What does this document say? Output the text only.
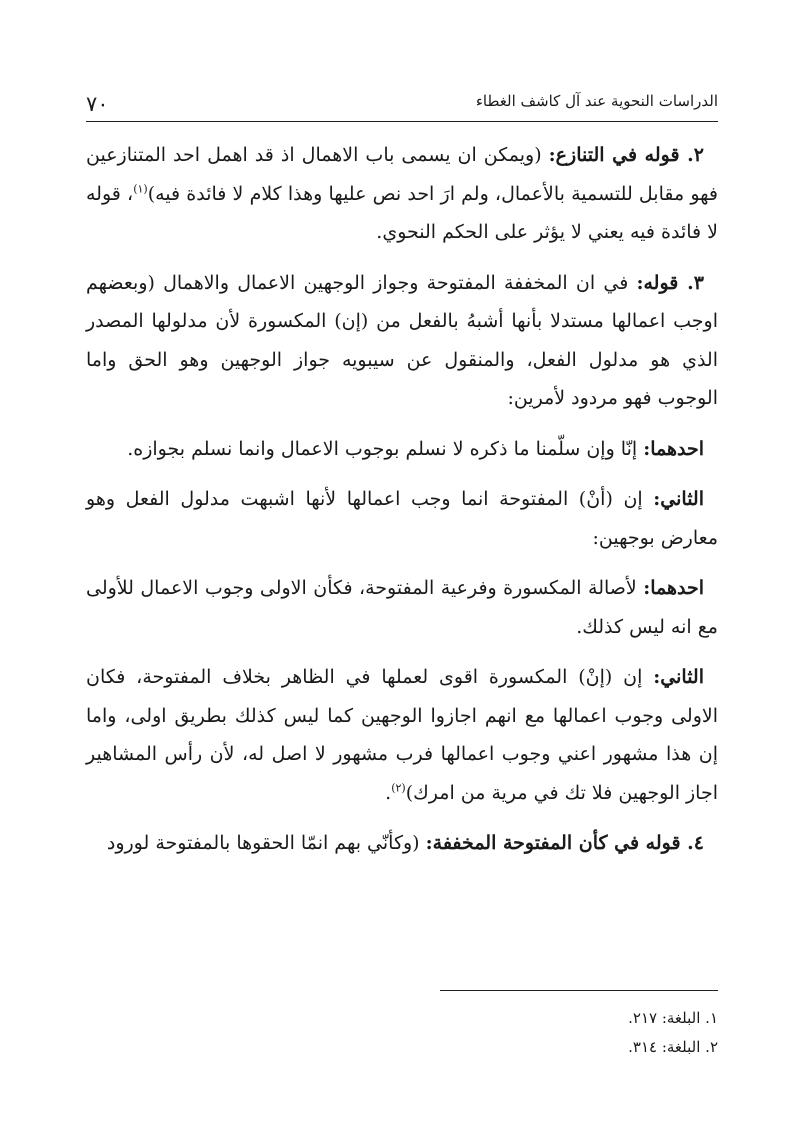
٧٠	الدراسات النحوية عند آل كاشف الغطاء

٢. قوله في التنازع: (ويمكن ان يسمى باب الاهمال اذ قد اهمل احد المتنازعين فهو مقابل للتسمية بالأعمال، ولم ارَ احد نص عليها وهذا كلام لا فائدة فيه)$^{(١)}$، قوله لا فائدة فيه يعني لا يؤثر على الحكم النحوي.

٣. قوله: في ان المخففة المفتوحة وجواز الوجهين الاعمال والاهمال (وبعضهم اوجب اعمالها مستدلا بأنها أشبهُ بالفعل من (إن) المكسورة لأن مدلولها المصدر الذي هو مدلول الفعل، والمنقول عن سيبويه جواز الوجهين وهو الحق واما الوجوب فهو مردود لأمرين:

احدهما: إنّا وإن سلّمنا ما ذكره لا نسلم بوجوب الاعمال وانما نسلم بجوازه.

الثاني: إن (أنْ) المفتوحة انما وجب اعمالها لأنها اشبهت مدلول الفعل وهو معارض بوجهين:

احدهما: لأصالة المكسورة وفرعية المفتوحة، فكأن الاولى وجوب الاعمال للأولى مع انه ليس كذلك.

الثاني: إن (إنْ) المكسورة اقوى لعملها في الظاهر بخلاف المفتوحة، فكان الاولى وجوب اعمالها مع انهم اجازوا الوجهين كما ليس كذلك بطريق اولى، واما إن هذا مشهور اعني وجوب اعمالها فرب مشهور لا اصل له، لأن رأس المشاهير اجاز الوجهين فلا تك في مرية من امرك)$^{(٢)}$.

٤. قوله في كأن المفتوحة المخففة: (وكأنّي بهم انمّا الحقوها بالمفتوحة لورود

١. البلغة: ٢١٧.

٢. البلغة: ٣١٤.
